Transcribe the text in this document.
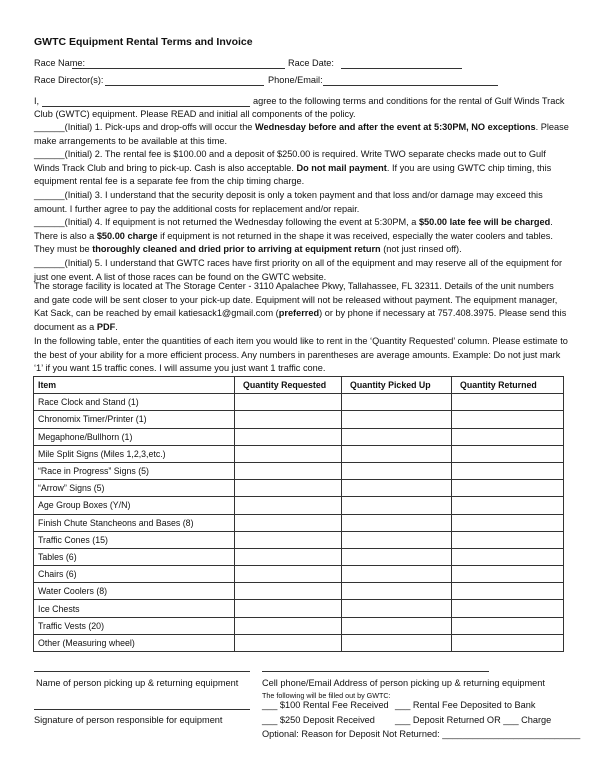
GWTC Equipment Rental Terms and Invoice
Race Name:	Race Date:
Race Director(s):	Phone/Email:
I,	agree to the following terms and conditions for the rental of Gulf Winds Track
Club (GWTC) equipment. Please READ and initial all components of the policy.

______(Initial) 1. Pick-ups and drop-offs will occur the Wednesday before and after the event at 5:30PM, NO exceptions. Please make arrangements to be available at this time.

______(Initial) 2. The rental fee is $100.00 and a deposit of $250.00 is required. Write TWO separate checks made out to Gulf Winds Track Club and bring to pick-up. Cash is also acceptable. Do not mail payment. If you are using GWTC chip timing, this equipment rental fee is a separate fee from the chip timing charge.

______(Initial) 3. I understand that the security deposit is only a token payment and that loss and/or damage may exceed this amount. I further agree to pay the additional costs for replacement and/or repair.

______(Initial) 4. If equipment is not returned the Wednesday following the event at 5:30PM, a $50.00 late fee will be charged. There is also a $50.00 charge if equipment is not returned in the shape it was received, especially the water coolers and tables. They must be thoroughly cleaned and dried prior to arriving at equipment return (not just rinsed off).

______(Initial) 5. I understand that GWTC races have first priority on all of the equipment and may reserve all of the equipment for just one event. A list of those races can be found on the GWTC website.

The storage facility is located at The Storage Center - 3110 Apalachee Pkwy, Tallahassee, FL 32311. Details of the unit numbers and gate code will be sent closer to your pick-up date. Equipment will not be released without payment. The equipment manager, Kat Sack, can be reached by email katiesack1@gmail.com (preferred) or by phone if necessary at 757.408.3975. Please send this document as a PDF.

In the following table, enter the quantities of each item you would like to rent in the ‘Quantity Requested’ column. Please estimate to the best of your ability for a more efficient process. Any numbers in parentheses are average amounts. Example: Do not just mark ‘1’ if you want 15 traffic cones. I will assume you just want 1 traffic cone.
Item	Quantity Requested	Quantity Picked Up	Quantity Returned
Race Clock and Stand (1)			
Chronomix Timer/Printer (1)			
Megaphone/Bullhorn (1)			
Mile Split Signs (Miles 1,2,3,etc.)			
“Race in Progress” Signs (5)			
“Arrow” Signs (5)			
Age Group Boxes (Y/N)			
Finish Chute Stancheons and Bases (8)			
Traffic Cones (15)			
Tables (6)			
Chairs (6)			
Water Coolers (8)			
Ice Chests			
Traffic Vests (20)			
Other (Measuring wheel)			
Name of person picking up & returning equipment	Cell phone/Email Address of person picking up & returning equipment
The following will be filled out by GWTC:
___ $100 Rental Fee Received ___ Rental Fee Deposited to Bank
Signature of person responsible for equipment	___ $250 Deposit Received ___ Deposit Returned OR ___ Charge
Optional: Reason for Deposit Not Returned: ___________________________
